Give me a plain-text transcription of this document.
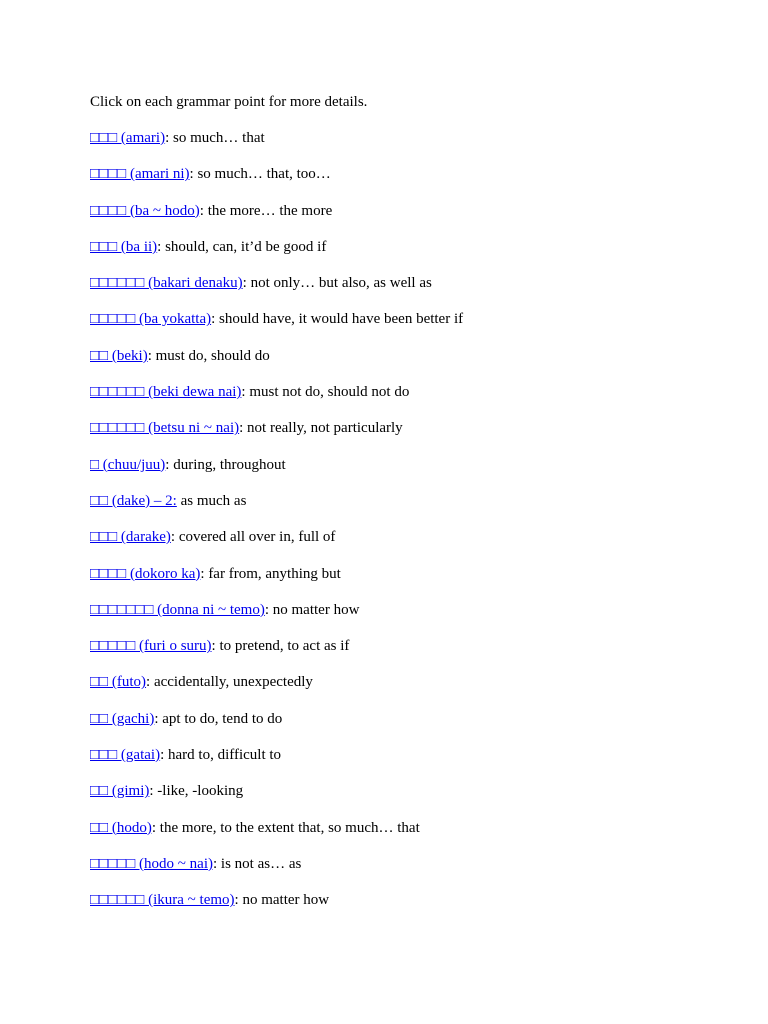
Click on each grammar point for more details.

□□□ (amari): so much… that

□□□□ (amari ni): so much… that, too…

□□□□ (ba ~ hodo): the more… the more

□□□ (ba ii): should, can, it’d be good if

□□□□□□ (bakari denaku): not only… but also, as well as

□□□□□ (ba yokatta): should have, it would have been better if

□□ (beki): must do, should do

□□□□□□ (beki dewa nai): must not do, should not do

□□□□□□ (betsu ni ~ nai): not really, not particularly

□ (chuu/juu): during, throughout

□□ (dake) – 2: as much as

□□□ (darake): covered all over in, full of

□□□□ (dokoro ka): far from, anything but

□□□□□□□ (donna ni ~ temo): no matter how

□□□□□ (furi o suru): to pretend, to act as if

□□ (futo): accidentally, unexpectedly

□□ (gachi): apt to do, tend to do

□□□ (gatai): hard to, difficult to

□□ (gimi): -like, -looking

□□ (hodo): the more, to the extent that, so much… that

□□□□□ (hodo ~ nai): is not as… as

□□□□□□ (ikura ~ temo): no matter how
